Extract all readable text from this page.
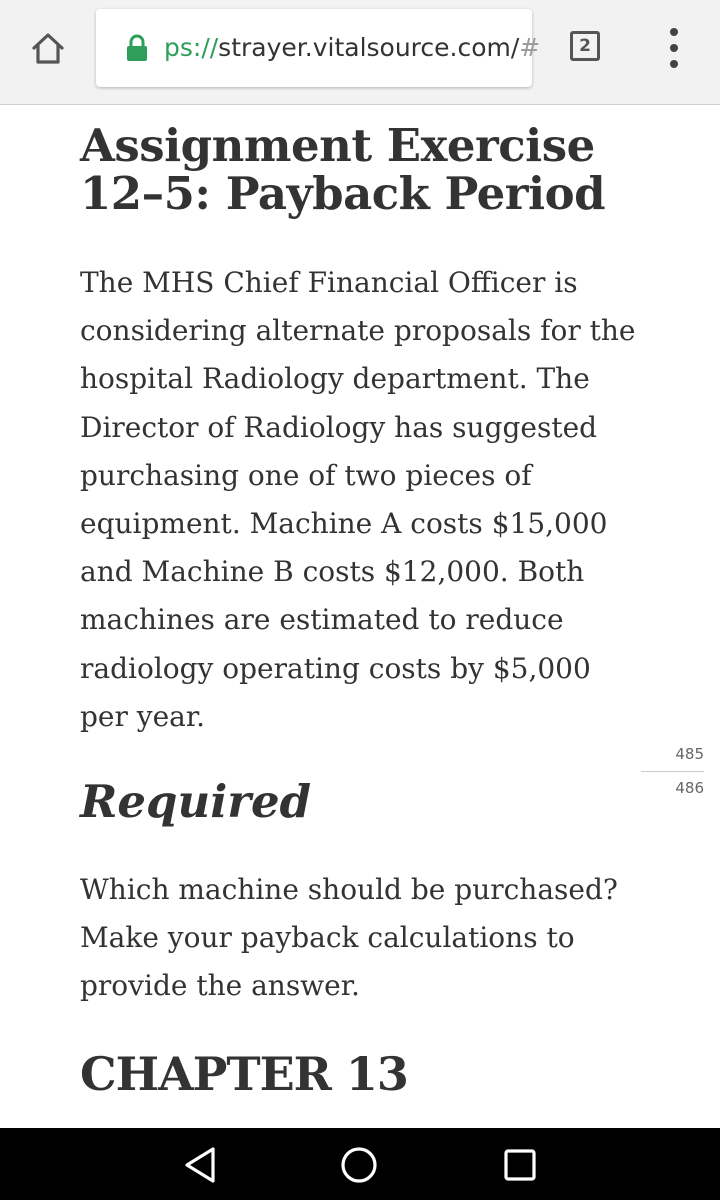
ps://strayer.vitalsource.com/#	2
Assignment Exercise 12–5: Payback Period

The MHS Chief Financial Officer is considering alternate proposals for the hospital Radiology department. The Director of Radiology has suggested purchasing one of two pieces of equipment. Machine A costs $15,000 and Machine B costs $12,000. Both machines are estimated to reduce radiology operating costs by $5,000 per year.

485
486
Required

Which machine should be purchased? Make your payback calculations to provide the answer.

CHAPTER 13
